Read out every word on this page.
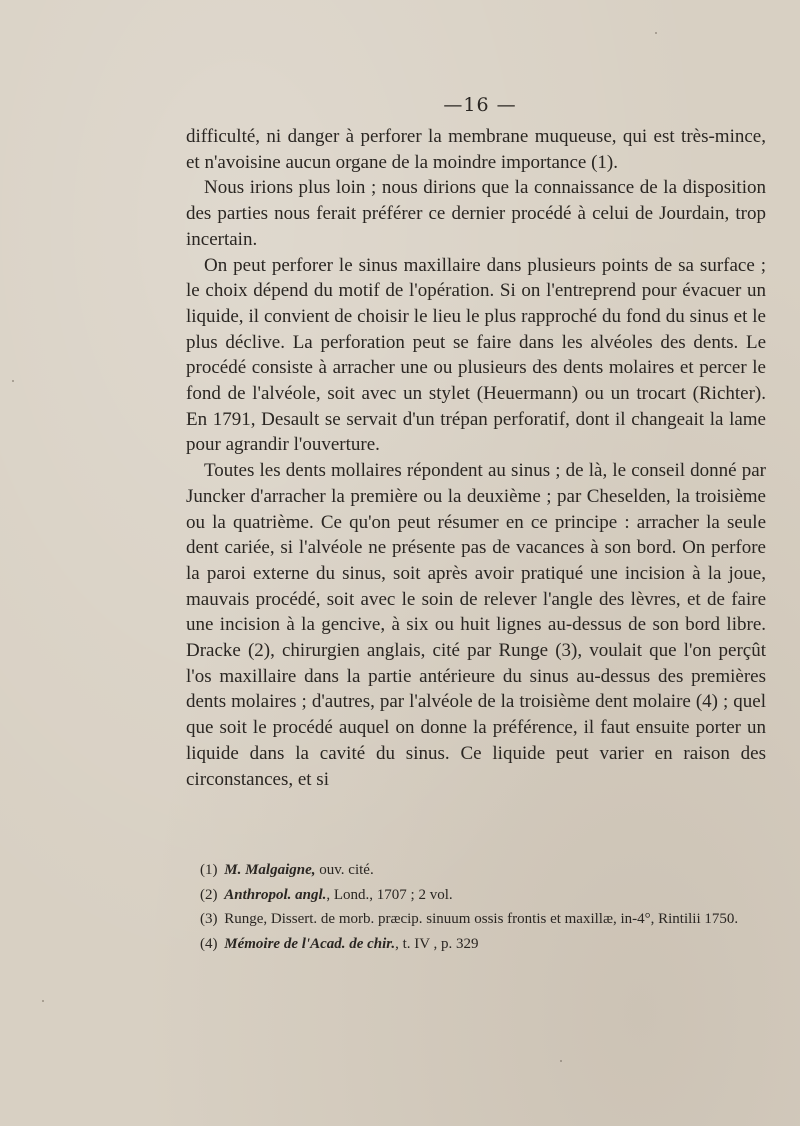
—16 —

difficulté, ni danger à perforer la membrane muqueuse, qui est très-mince, et n'avoisine aucun organe de la moindre importance (1).

Nous irions plus loin ; nous dirions que la connaissance de la disposition des parties nous ferait préférer ce dernier procédé à celui de Jourdain, trop incertain.

On peut perforer le sinus maxillaire dans plusieurs points de sa surface ; le choix dépend du motif de l'opération. Si on l'entreprend pour évacuer un liquide, il convient de choisir le lieu le plus rapproché du fond du sinus et le plus déclive. La perforation peut se faire dans les alvéoles des dents. Le procédé consiste à arracher une ou plusieurs des dents molaires et percer le fond de l'alvéole, soit avec un stylet (Heuermann) ou un trocart (Richter). En 1791, Desault se servait d'un trépan perforatif, dont il changeait la lame pour agrandir l'ouverture.

Toutes les dents mollaires répondent au sinus ; de là, le conseil donné par Juncker d'arracher la première ou la deuxième ; par Cheselden, la troisième ou la quatrième. Ce qu'on peut résumer en ce principe : arracher la seule dent cariée, si l'alvéole ne présente pas de vacances à son bord. On perfore la paroi externe du sinus, soit après avoir pratiqué une incision à la joue, mauvais procédé, soit avec le soin de relever l'angle des lèvres, et de faire une incision à la gencive, à six ou huit lignes au-dessus de son bord libre. Dracke (2), chirurgien anglais, cité par Runge (3), voulait que l'on perçût l'os maxillaire dans la partie antérieure du sinus au-dessus des premières dents molaires ; d'autres, par l'alvéole de la troisième dent molaire (4) ; quel que soit le procédé auquel on donne la préférence, il faut ensuite porter un liquide dans la cavité du sinus. Ce liquide peut varier en raison des circonstances, et si

(1) M. Malgaigne, ouv. cité.
(2) Anthropol. angl., Lond., 1707 ; 2 vol.
(3) Runge, Dissert. de morb. præcip. sinuum ossis frontis et maxillæ, in-4°, Rintilii 1750.
(4) Mémoire de l'Acad. de chir., t. IV , p. 329
